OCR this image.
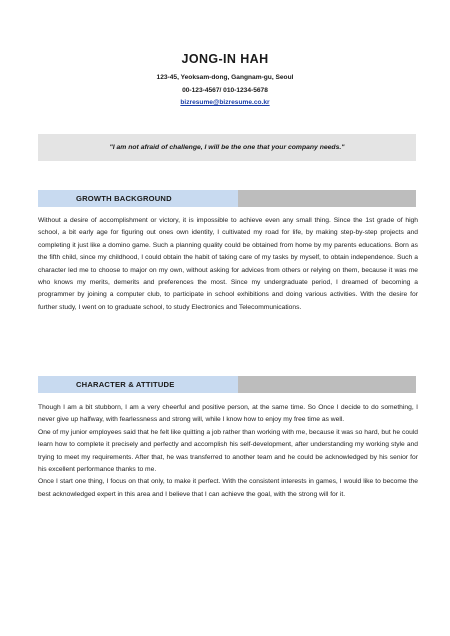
JONG-IN HAH
123-45, Yeoksam-dong, Gangnam-gu, Seoul
00-123-4567/ 010-1234-5678
bizresume@bizresume.co.kr
"I am not afraid of challenge, I will be the one that your company needs."
GROWTH BACKGROUND

Without a desire of accomplishment or victory, it is impossible to achieve even any small thing. Since the 1st grade of high school, a bit early age for figuring out ones own identity, I cultivated my road for life, by making step-by-step projects and completing it just like a domino game. Such a planning quality could be obtained from home by my parents educations. Born as the fifth child, since my childhood, I could obtain the habit of taking care of my tasks by myself, to obtain independence. Such a character led me to choose to major on my own, without asking for advices from others or relying on them, because it was me who knows my merits, demerits and preferences the most. Since my undergraduate period, I dreamed of becoming a programmer by joining a computer club, to participate in school exhibitions and doing various activities. With the desire for further study, I went on to graduate school, to study Electronics and Telecommunications.

CHARACTER & ATTITUDE

Though I am a bit stubborn, I am a very cheerful and positive person, at the same time. So Once I decide to do something, I never give up halfway, with fearlessness and strong will, while I know how to enjoy my free time as well.

One of my junior employees said that he felt like quitting a job rather than working with me, because it was so hard, but he could learn how to complete it precisely and perfectly and accomplish his self-development, after understanding my working style and trying to meet my requirements. After that, he was transferred to another team and he could be acknowledged by his senior for his excellent performance thanks to me.

Once I start one thing, I focus on that only, to make it perfect. With the consistent interests in games, I would like to become the best acknowledged expert in this area and I believe that I can achieve the goal, with the strong will for it.
